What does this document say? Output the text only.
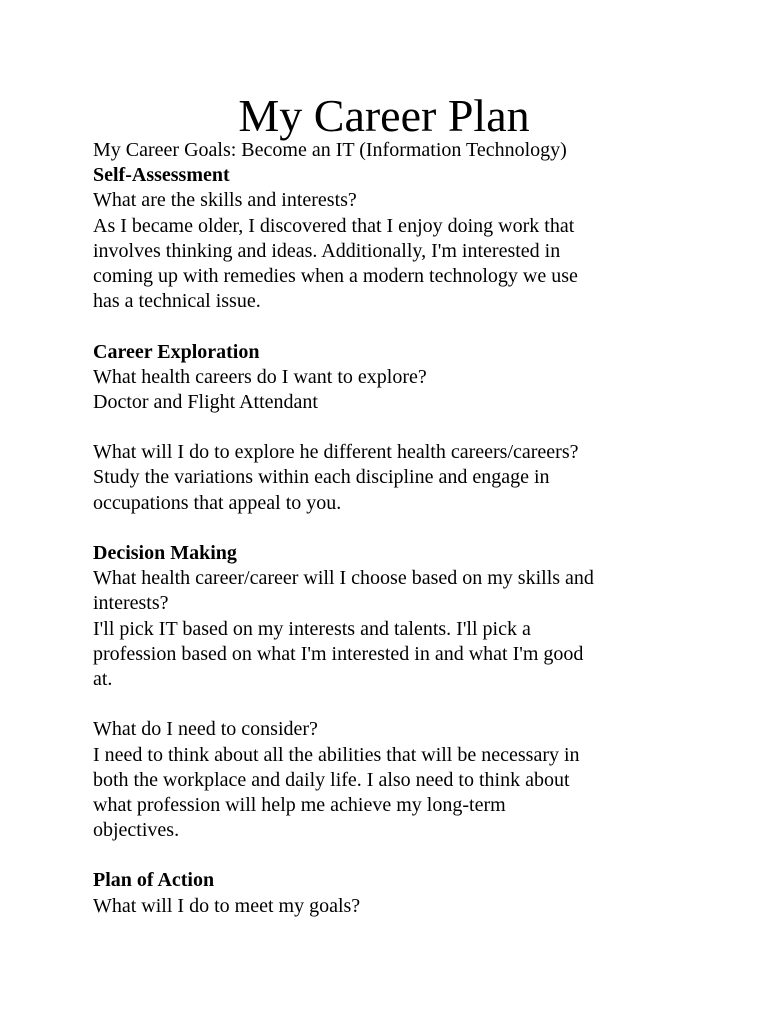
My Career Plan
My Career Goals: Become an IT (Information Technology)
Self-Assessment
What are the skills and interests?
As I became older, I discovered that I enjoy doing work that
involves thinking and ideas. Additionally, I'm interested in
coming up with remedies when a modern technology we use
has a technical issue.
Career Exploration
What health careers do I want to explore?
Doctor and Flight Attendant
What will I do to explore he different health careers/careers?
Study the variations within each discipline and engage in
occupations that appeal to you.
Decision Making
What health career/career will I choose based on my skills and
interests?
I'll pick IT based on my interests and talents. I'll pick a
profession based on what I'm interested in and what I'm good
at.
What do I need to consider?
I need to think about all the abilities that will be necessary in
both the workplace and daily life. I also need to think about
what profession will help me achieve my long-term
objectives.
Plan of Action
What will I do to meet my goals?
